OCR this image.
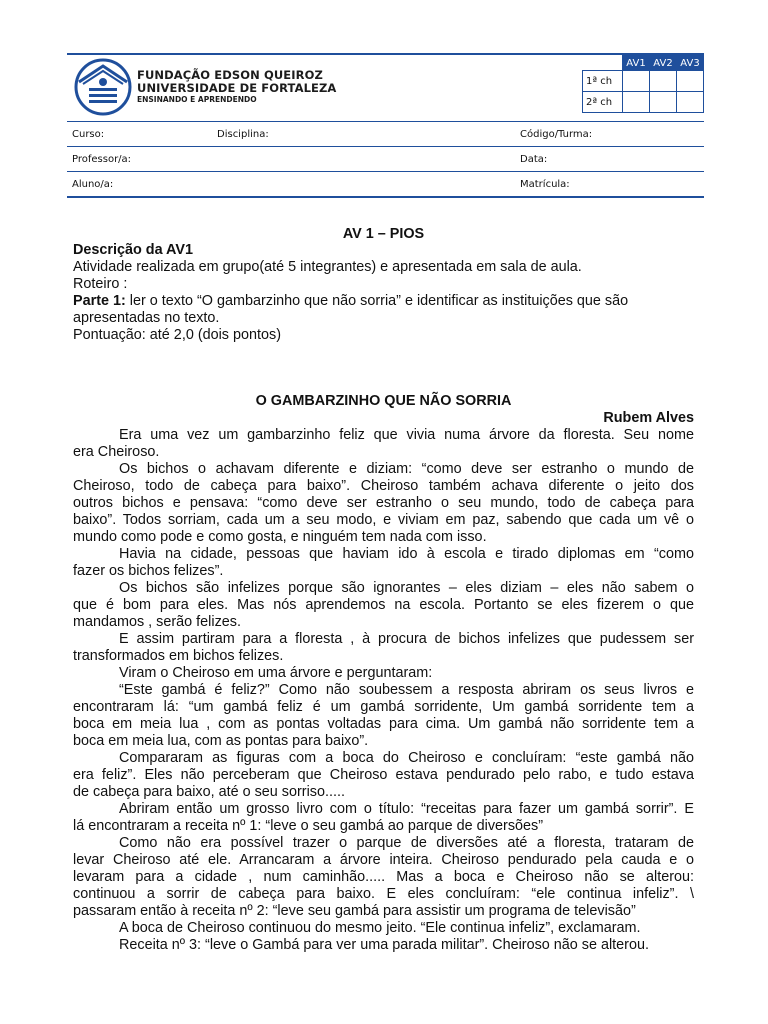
FUNDAÇÃO EDSON QUEIROZ
UNIVERSIDADE DE FORTALEZA
ENSINANDO E APRENDENDO
	AV1	AV2	AV3
1ª ch			
2ª ch			
Curso:	Disciplina:	Código/Turma:
Professor/a:	Data:
Aluno/a:	Matrícula:
AV 1 – PIOS
Descrição da AV1
Atividade realizada em grupo(até 5 integrantes) e apresentada em sala de aula.
Roteiro :
Parte 1: ler o texto “O gambarzinho que não sorria” e identificar as instituições que são
apresentadas no texto.
Pontuação: até 2,0 (dois pontos)
O GAMBARZINHO QUE NÃO SORRIA
Rubem Alves
Era uma vez um gambarzinho feliz que vivia numa árvore da floresta. Seu nome
era Cheiroso.
Os bichos o achavam diferente e diziam: “como deve ser estranho o mundo de
Cheiroso, todo de cabeça para baixo”. Cheiroso também achava diferente o jeito dos
outros bichos e pensava: “como deve ser estranho o seu mundo, todo de cabeça para
baixo”. Todos sorriam, cada um a seu modo, e viviam em paz, sabendo que cada um vê o
mundo como pode e como gosta, e ninguém tem nada com isso.
Havia na cidade, pessoas que haviam ido à escola e tirado diplomas em “como
fazer os bichos felizes”.
Os bichos são infelizes porque são ignorantes – eles diziam – eles não sabem o
que é bom para eles. Mas nós aprendemos na escola. Portanto se eles fizerem o que
mandamos , serão felizes.
E assim partiram para a floresta , à procura de bichos infelizes que pudessem ser
transformados em bichos felizes.
Viram o Cheiroso em uma árvore e perguntaram:
“Este gambá é feliz?” Como não soubessem a resposta abriram os seus livros e
encontraram lá: “um gambá feliz é um gambá sorridente, Um gambá sorridente tem a
boca em meia lua , com as pontas voltadas para cima. Um gambá não sorridente tem a
boca em meia lua, com as pontas para baixo”.
Compararam as figuras com a boca do Cheiroso e concluíram: “este gambá não
era feliz”. Eles não perceberam que Cheiroso estava pendurado pelo rabo, e tudo estava
de cabeça para baixo, até o seu sorriso.....
Abriram então um grosso livro com o título: “receitas para fazer um gambá sorrir”. E
lá encontraram a receita nº 1: “leve o seu gambá ao parque de diversões”
Como não era possível trazer o parque de diversões até a floresta, trataram de
levar Cheiroso até ele. Arrancaram a árvore inteira. Cheiroso pendurado pela cauda e o
levaram para a cidade , num caminhão..... Mas a boca e Cheiroso não se alterou:
continuou a sorrir de cabeça para baixo. E eles concluíram: “ele continua infeliz”. \
passaram então à receita nº 2: “leve seu gambá para assistir um programa de televisão”
A boca de Cheiroso continuou do mesmo jeito. “Ele continua infeliz”, exclamaram.
Receita nº 3: “leve o Gambá para ver uma parada militar”. Cheiroso não se alterou.
